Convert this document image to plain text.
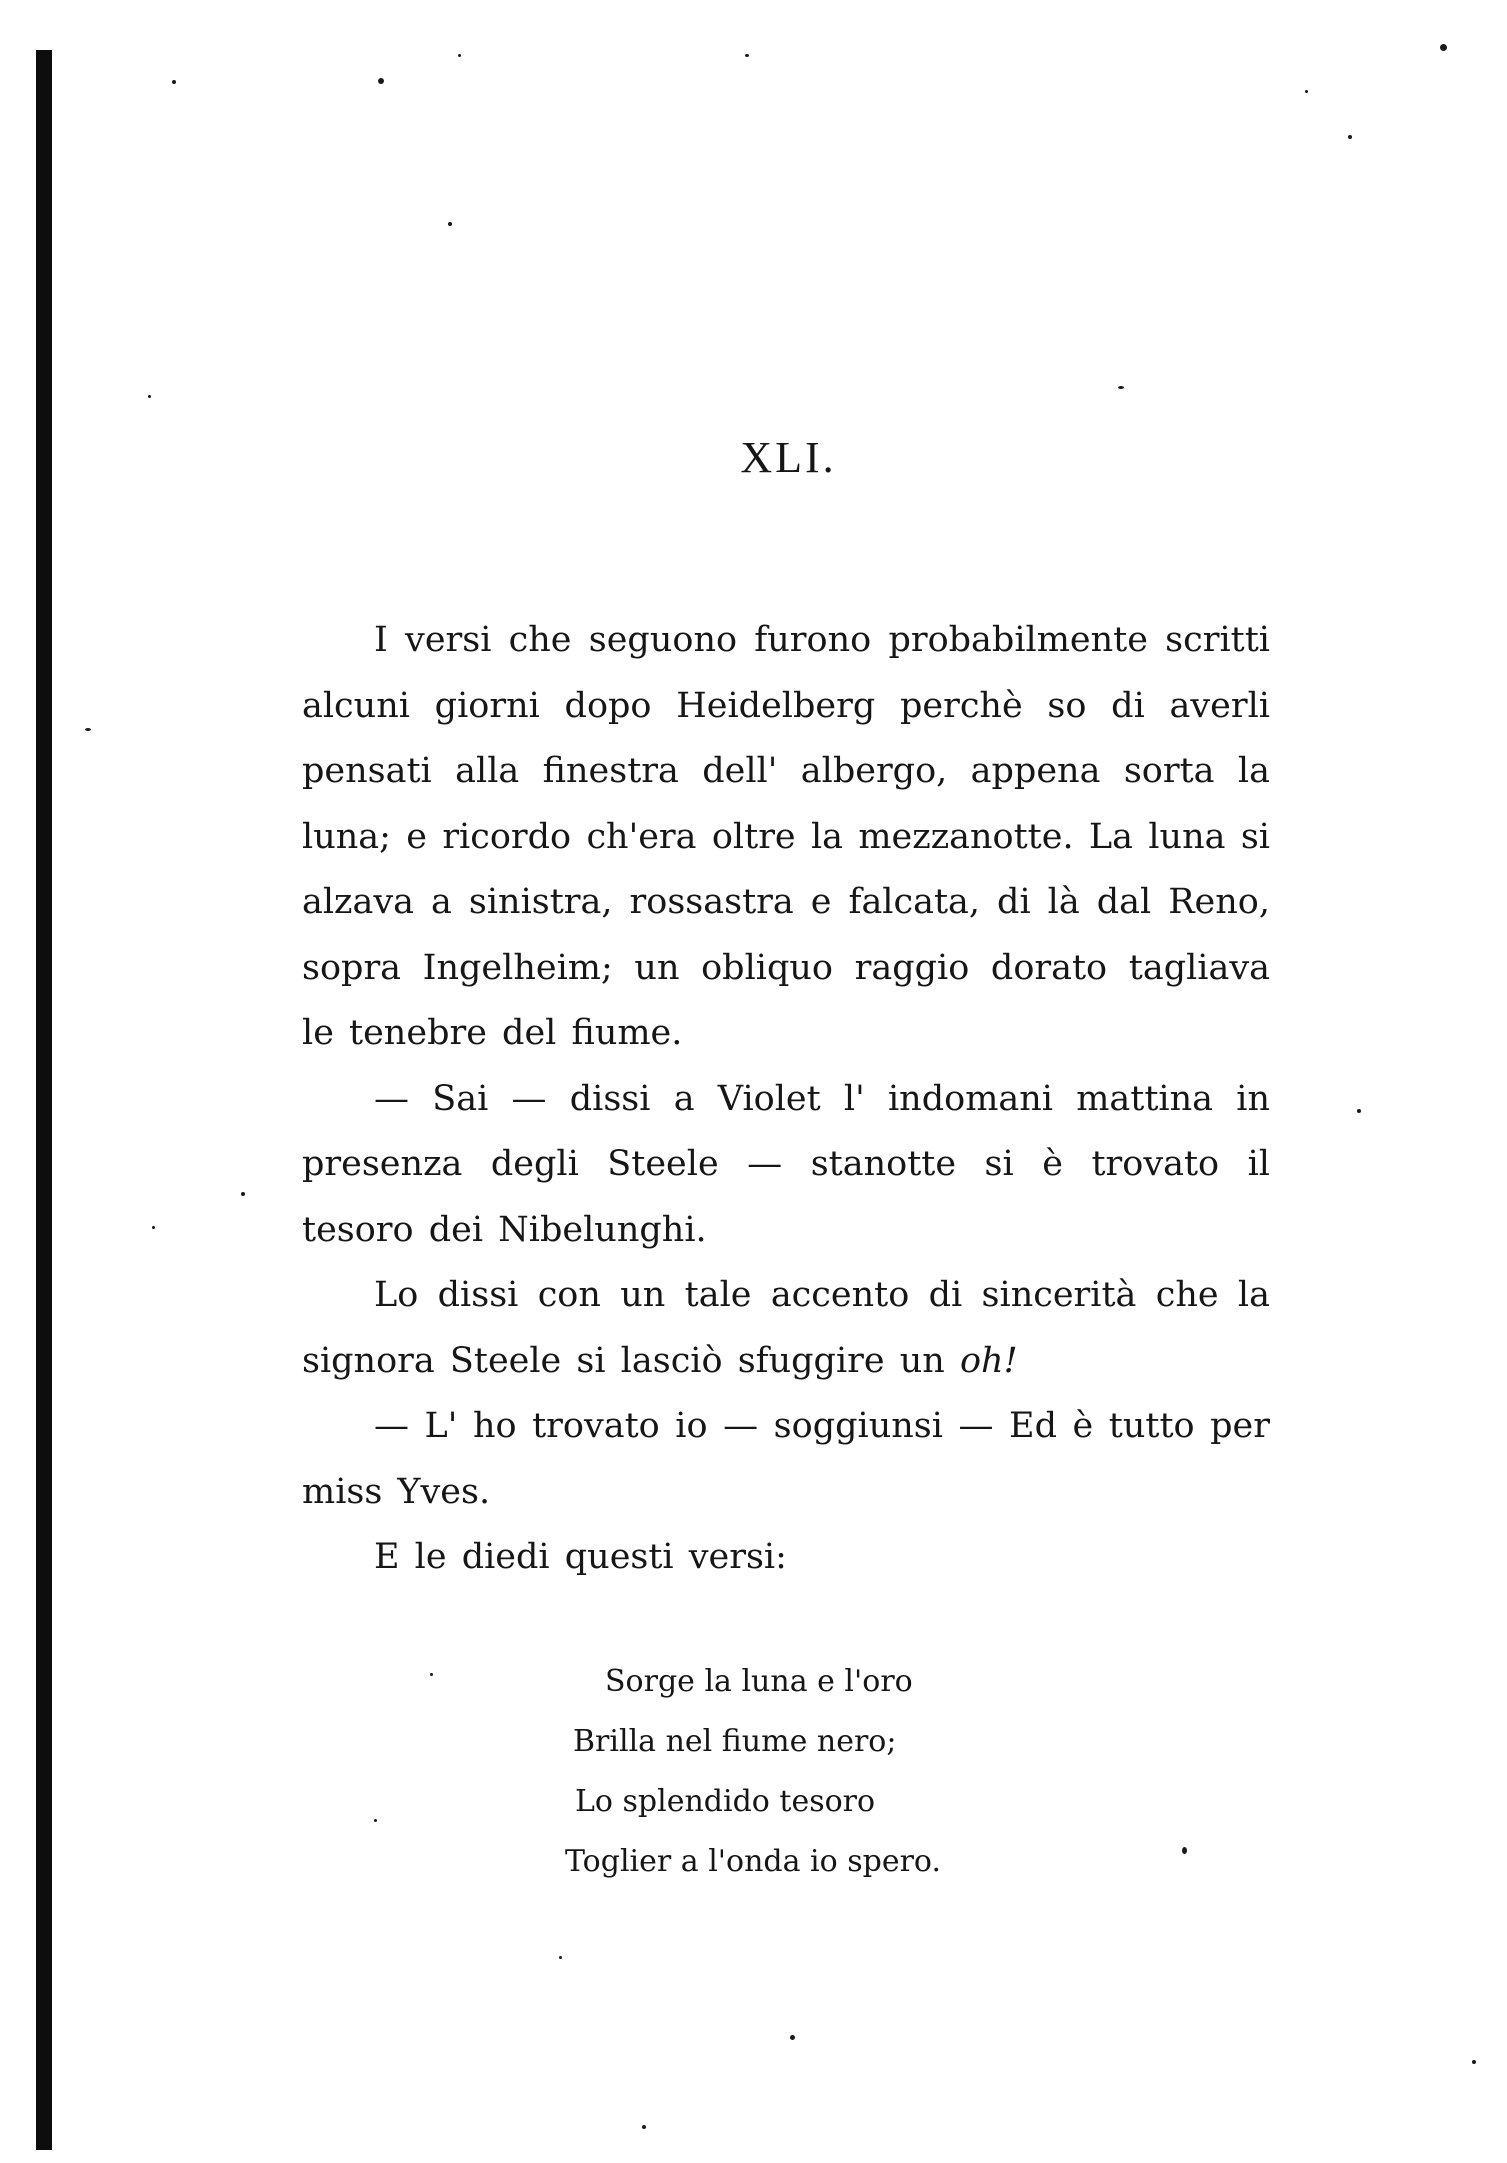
XLI.

I versi che seguono furono probabilmente scritti alcuni giorni dopo Heidelberg perchè so di averli pensati alla finestra dell' albergo, appena sorta la luna; e ricordo ch'era oltre la mezzanotte. La luna si alzava a sinistra, rossastra e falcata, di là dal Reno, sopra Ingelheim; un obliquo raggio dorato tagliava le tenebre del fiume.

— Sai — dissi a Violet l' indomani mattina in presenza degli Steele — stanotte si è trovato il tesoro dei Nibelunghi.

Lo dissi con un tale accento di sincerità che la signora Steele si lasciò sfuggire un oh!

— L' ho trovato io — soggiunsi — Ed è tutto per miss Yves.

E le diedi questi versi:

Sorge la luna e l'oro
Brilla nel fiume nero;
Lo splendido tesoro
Toglier a l'onda io spero.
